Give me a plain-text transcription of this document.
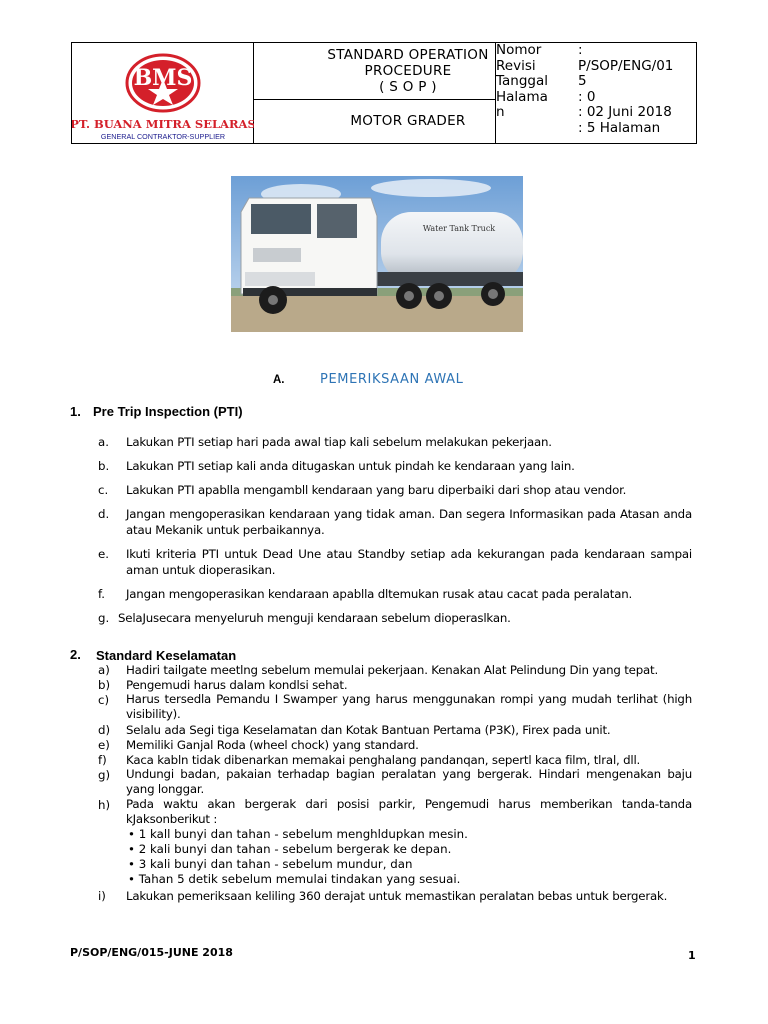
BMS
PT. BUANA MITRA SELARAS
GENERAL CONTRAKTOR-SUPPLIER
STANDARD OPERATION
PROCEDURE
( S O P )
MOTOR GRADER
Nomor
Revisi
Tanggal
Halama
n
:
P/SOP/ENG/01
5
: 0
: 02 Juni 2018
: 5 Halaman
Water Tank Truck
A.	PEMERIKSAAN AWAL
1. Pre Trip Inspection (PTI)
a. Lakukan PTI setiap hari pada awal tiap kali sebelum melakukan pekerjaan.
b. Lakukan PTI setiap kali anda ditugaskan untuk pindah ke kendaraan yang lain.
c. Lakukan PTI apablla mengambll kendaraan yang baru diperbaiki dari shop atau vendor.
d. Jangan mengoperasikan kendaraan yang tidak aman. Dan segera Informasikan pada Atasan anda atau Mekanik untuk perbaikannya.
e. Ikuti kriteria PTI untuk Dead Une atau Standby setiap ada kekurangan pada kendaraan sampai aman untuk dioperasikan.
f. Jangan mengoperasikan kendaraan apablla dltemukan rusak atau cacat pada peralatan.
g. SelaJusecara menyeluruh menguji kendaraan sebelum dioperaslkan.
2. Standard Keselamatan
a) Hadiri tailgate meetlng sebelum memulai pekerjaan. Kenakan Alat Pelindung Din yang tepat.
b) Pengemudi harus dalam kondlsi sehat.
c) Harus tersedla Pemandu I Swamper yang harus menggunakan rompi yang mudah terlihat (high visibility).
d) Selalu ada Segi tiga Keselamatan dan Kotak Bantuan Pertama (P3K), Firex pada unit.
e) Memiliki Ganjal Roda (wheel chock) yang standard.
f) Kaca kabln tidak dibenarkan memakai penghalang pandanqan, sepertl kaca film, tlral, dll.
g) Undungi badan, pakaian terhadap bagian peralatan yang bergerak. Hindari mengenakan baju yang longgar.
h) Pada waktu akan bergerak dari posisi parkir, Pengemudi harus memberikan tanda-tanda kJaksonberikut :
• 1 kall bunyi dan tahan - sebelum menghldupkan mesin.
• 2 kali bunyi dan tahan - sebelum bergerak ke depan.
• 3 kali bunyi dan tahan - sebelum mundur, dan
• Tahan 5 detik sebelum memulai tindakan yang sesuai.
i) Lakukan pemeriksaan keliling 360 derajat untuk memastikan peralatan bebas untuk bergerak.
P/SOP/ENG/015-JUNE 2018	1
